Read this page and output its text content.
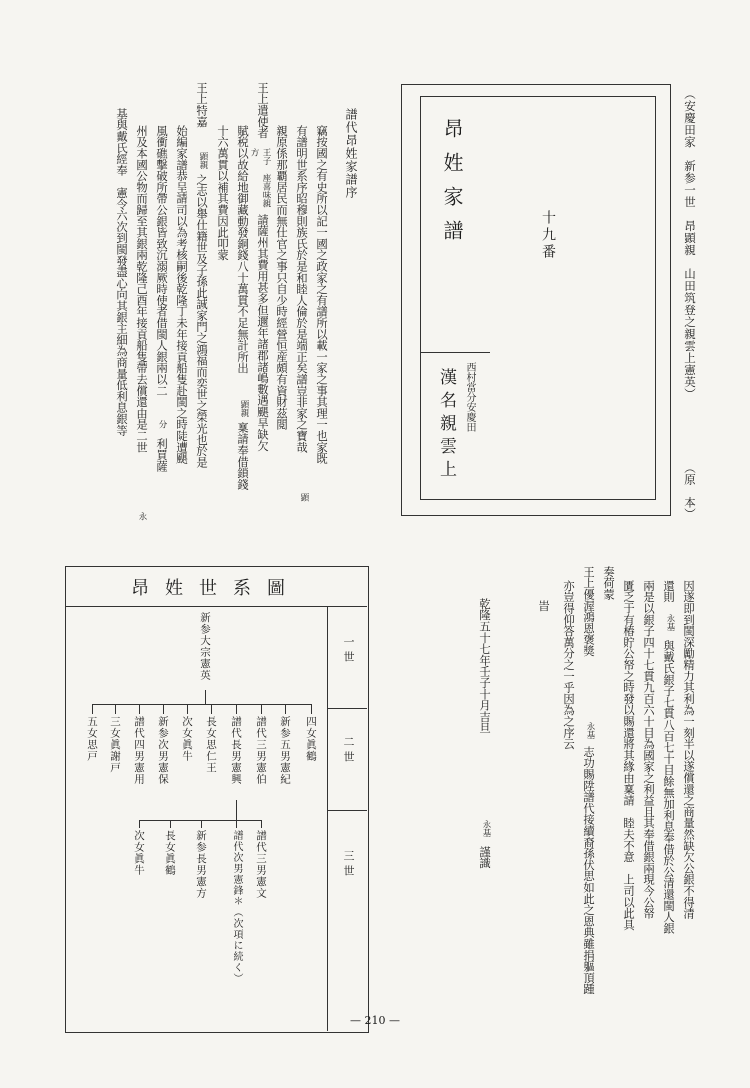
（安慶田家　新参一世　昂顕親　山田筑登之親雲上憲英）
（原　本）
昂姓家譜	十九番
西村當分安慶田
漢名親雲上
譜代昂姓家譜序
竊按國之有史所以記一國之政家之有譜所以載一家之事其理一也家既
有譜明世系序昭穆則族氏於是和睦人倫於是端正矣譜豈非家之寶哉
顕
親原係那覇居民而無仕官之事只自少時經營恒産頗有資財茲閲
王上遣使者
王子　座喜味親方
請薩州其費用甚多但邇年諸郡諸嶋數遇颶旱缺欠
賦税以故給地御藏動發銅錢八十萬貫不足無計所出
顕親
稟請奉借鎖錢
十六萬貫以補其費因此叩蒙
王上特嘉
顕親
之志以舉仕籍世及子孫此誠家門之鴻福而奕世之榮光也於是
始編家譜恭呈請司以為考核嗣後乾隆丁未年接貢船隻赴閩之時陡遭颶
風衝礁擊破所帶公銀皆致沉溺厥時使者借閩人銀兩以二
分
利買薩
州及本國公物而歸至其銀兩乾隆己酉年接貢船隻帶去償還由是二世
永
基與戴氏經奉　憲令六次到閩發盡心向其銀主細為商量低利息銀等
因遂即到閩深勵精力其利為一刻半以遂償還之商量然缺欠公銀不得清
還則
永基
與戴氏銀子七貫八百七十目餘無加利息奉借於公清還閩人銀
兩是以銀子四十七貫九百六十目為國家之利益且其奉借銀兩現今公帑
匱乏于有椿貯公帑之時發以賜還將其緣由稟請　睦夫不意　上司以此具
奏荷蒙
王上優渥鴻恩褒獎
永基
志功賜陞譜代接續裔孫伏思如此之恩典雖捐軀頂踵
亦豈得仰答萬分之一乎因為之序云
旹
乾隆五十七年壬子十月吉旦
永基
謹識
昂姓世系圖
一世
二世
三世
新参大宗憲英
四女眞鶴
新参五男憲紀
譜代三男憲伯
譜代長男憲興
長女思仁王
次女眞牛
新参次男憲保
譜代四男憲用
三女眞謝戸
五女思戸
譜代三男憲文
譜代次男憲鋒＊（次項に続く）
新参長男憲方
長女眞鶴
次女眞牛
— 210 —
